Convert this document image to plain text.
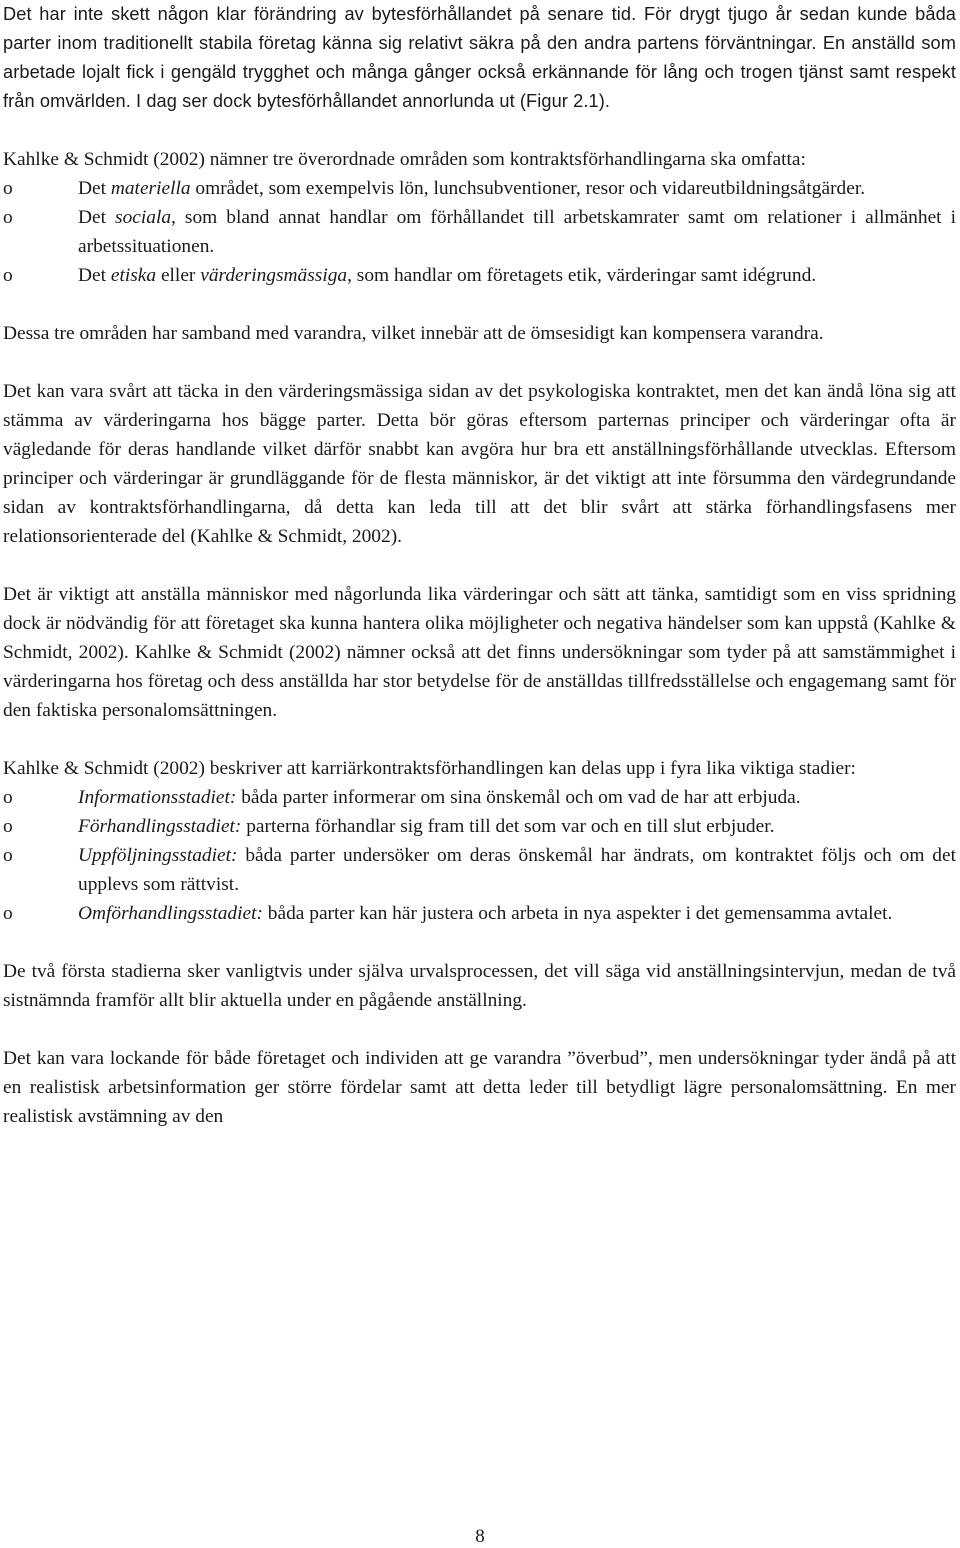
Det har inte skett någon klar förändring av bytesförhållandet på senare tid. För drygt tjugo år sedan kunde båda parter inom traditionellt stabila företag känna sig relativt säkra på den andra partens förväntningar. En anställd som arbetade lojalt fick i gengäld trygghet och många gånger också erkännande för lång och trogen tjänst samt respekt från omvärlden. I dag ser dock bytesförhållandet annorlunda ut (Figur 2.1).

Kahlke & Schmidt (2002) nämner tre överordnade områden som kontraktsförhandlingarna ska omfatta:

o	Det materiella området, som exempelvis lön, lunchsubventioner, resor och vidareutbildningsåtgärder.
o	Det sociala, som bland annat handlar om förhållandet till arbetskamrater samt om relationer i allmänhet i arbetssituationen.
o	Det etiska eller värderingsmässiga, som handlar om företagets etik, värderingar samt idégrund.

Dessa tre områden har samband med varandra, vilket innebär att de ömsesidigt kan kompensera varandra.

Det kan vara svårt att täcka in den värderingsmässiga sidan av det psykologiska kontraktet, men det kan ändå löna sig att stämma av värderingarna hos bägge parter. Detta bör göras eftersom parternas principer och värderingar ofta är vägledande för deras handlande vilket därför snabbt kan avgöra hur bra ett anställningsförhållande utvecklas. Eftersom principer och värderingar är grundläggande för de flesta människor, är det viktigt att inte försumma den värdegrundande sidan av kontraktsförhandlingarna, då detta kan leda till att det blir svårt att stärka förhandlingsfasens mer relationsorienterade del (Kahlke & Schmidt, 2002).

Det är viktigt att anställa människor med någorlunda lika värderingar och sätt att tänka, samtidigt som en viss spridning dock är nödvändig för att företaget ska kunna hantera olika möjligheter och negativa händelser som kan uppstå (Kahlke & Schmidt, 2002). Kahlke & Schmidt (2002) nämner också att det finns undersökningar som tyder på att samstämmighet i värderingarna hos företag och dess anställda har stor betydelse för de anställdas tillfredsställelse och engagemang samt för den faktiska personalomsättningen.

Kahlke & Schmidt (2002) beskriver att karriärkontraktsförhandlingen kan delas upp i fyra lika viktiga stadier:

o	Informationsstadiet: båda parter informerar om sina önskemål och om vad de har att erbjuda.
o	Förhandlingsstadiet: parterna förhandlar sig fram till det som var och en till slut erbjuder.
o	Uppföljningsstadiet: båda parter undersöker om deras önskemål har ändrats, om kontraktet följs och om det upplevs som rättvist.
o	Omförhandlingsstadiet: båda parter kan här justera och arbeta in nya aspekter i det gemensamma avtalet.

De två första stadierna sker vanligtvis under själva urvalsprocessen, det vill säga vid anställningsintervjun, medan de två sistnämnda framför allt blir aktuella under en pågående anställning.

Det kan vara lockande för både företaget och individen att ge varandra ”överbud”, men undersökningar tyder ändå på att en realistisk arbetsinformation ger större fördelar samt att detta leder till betydligt lägre personalomsättning. En mer realistisk avstämning av den

8
